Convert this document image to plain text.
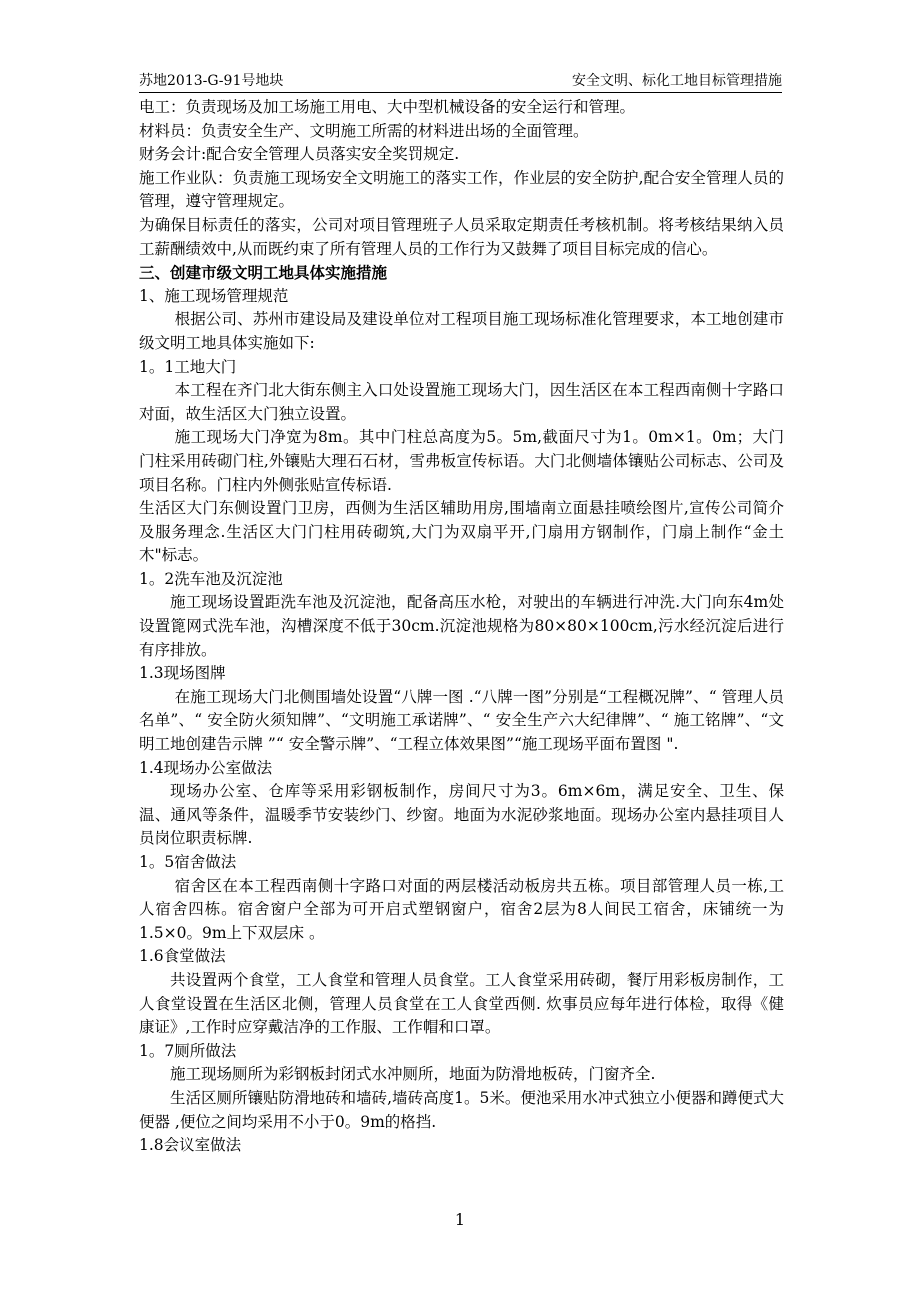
苏地2013-G-91号地块	安全文明、标化工地目标管理措施

电工：负责现场及加工场施工用电、大中型机械设备的安全运行和管理。

材料员：负责安全生产、文明施工所需的材料进出场的全面管理。

财务会计:配合安全管理人员落实安全奖罚规定.

施工作业队：负责施工现场安全文明施工的落实工作，作业层的安全防护,配合安全管理人员的管理，遵守管理规定。

为确保目标责任的落实，公司对项目管理班子人员采取定期责任考核机制。将考核结果纳入员工薪酬绩效中,从而既约束了所有管理人员的工作行为又鼓舞了项目目标完成的信心。

三、创建市级文明工地具体实施措施

1、施工现场管理规范

根据公司、苏州市建设局及建设单位对工程项目施工现场标准化管理要求，本工地创建市级文明工地具体实施如下:

1。1工地大门

本工程在齐门北大街东侧主入口处设置施工现场大门，因生活区在本工程西南侧十字路口对面，故生活区大门独立设置。

施工现场大门净宽为8m。其中门柱总高度为5。5m,截面尺寸为1。0m×1。0m；大门门柱采用砖砌门柱,外镶贴大理石石材，雪弗板宣传标语。大门北侧墙体镶贴公司标志、公司及项目名称。门柱内外侧张贴宣传标语.

生活区大门东侧设置门卫房，西侧为生活区辅助用房,围墙南立面悬挂喷绘图片,宣传公司简介及服务理念.生活区大门门柱用砖砌筑,大门为双扇平开,门扇用方钢制作，门扇上制作“金土木"标志。

1。2洗车池及沉淀池

施工现场设置距洗车池及沉淀池，配备高压水枪，对驶出的车辆进行冲洗.大门向东4m处设置篦网式洗车池，沟槽深度不低于30cm.沉淀池规格为80×80×100cm,污水经沉淀后进行有序排放。

1.3现场图牌

在施工现场大门北侧围墙处设置“八牌一图 .“八牌一图”分别是“工程概况牌”、“ 管理人员名单”、“ 安全防火须知牌”、“文明施工承诺牌”、“ 安全生产六大纪律牌”、“ 施工铭牌”、“文明工地创建告示牌 ”“ 安全警示牌”、“工程立体效果图”“施工现场平面布置图 ".

1.4现场办公室做法

现场办公室、仓库等采用彩钢板制作，房间尺寸为3。6m×6m，满足安全、卫生、保温、通风等条件，温暖季节安装纱门、纱窗。地面为水泥砂浆地面。现场办公室内悬挂项目人员岗位职责标牌.

1。5宿舍做法

宿舍区在本工程西南侧十字路口对面的两层楼活动板房共五栋。项目部管理人员一栋,工人宿舍四栋。宿舍窗户全部为可开启式塑钢窗户，宿舍2层为8人间民工宿舍，床铺统一为1.5×0。9m上下双层床 。

1.6食堂做法

共设置两个食堂，工人食堂和管理人员食堂。工人食堂采用砖砌，餐厅用彩板房制作，工人食堂设置在生活区北侧，管理人员食堂在工人食堂西侧. 炊事员应每年进行体检，取得《健康证》,工作时应穿戴洁净的工作服、工作帽和口罩。

1。7厕所做法

施工现场厕所为彩钢板封闭式水冲厕所，地面为防滑地板砖，门窗齐全.

生活区厕所镶贴防滑地砖和墙砖,墙砖高度1。5米。便池采用水冲式独立小便器和蹲便式大便器 ,便位之间均采用不小于0。9m的格挡.

1.8会议室做法

1
